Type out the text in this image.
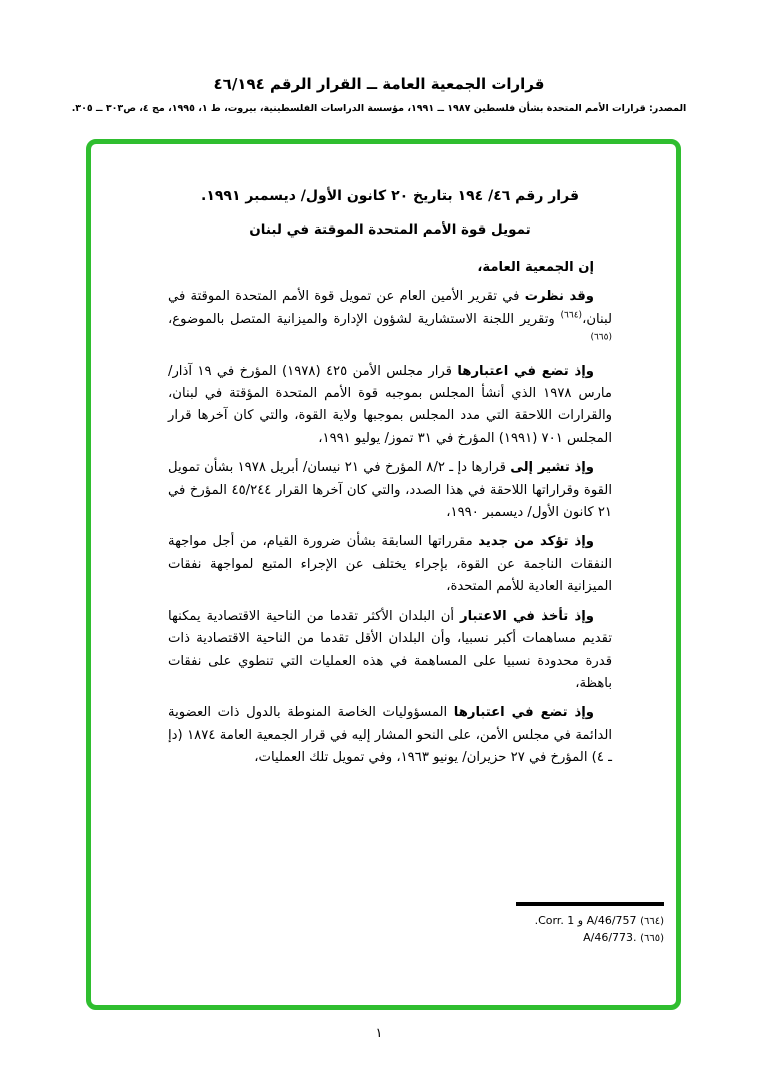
قرارات الجمعية العامة ــ القرار الرقم ٤٦/١٩٤
المصدر: قرارات الأمم المتحدة بشأن فلسطين ١٩٨٧ ــ ١٩٩١، مؤسسة الدراسات الفلسطينية، بيروت، ط ١، ١٩٩٥، مج ٤، ص٣٠٣ ــ ٣٠٥.
قرار رقم ٤٦/ ١٩٤ بتاريخ ٢٠ كانون الأول/ ديسمبر ١٩٩١.
تمويل قوة الأمم المتحدة الموقتة في لبنان
إن الجمعية العامة،
وقد نظرت في تقرير الأمين العام عن تمويل قوة الأمم المتحدة الموقتة في لبنان،$^{(٦٦٤)}$ وتقرير اللجنة الاستشارية لشؤون الإدارة والميزانية المتصل بالموضوع،$^{(٦٦٥)}$
وإذ تضع في اعتبارها قرار مجلس الأمن ٤٢٥ (١٩٧٨) المؤرخ في ١٩ آذار/ مارس ١٩٧٨ الذي أنشأ المجلس بموجبه قوة الأمم المتحدة المؤقتة في لبنان، والقرارات اللاحقة التي مدد المجلس بموجبها ولاية القوة، والتي كان آخرها قرار المجلس ٧٠١ (١٩٩١) المؤرخ في ٣١ تموز/ يوليو ١٩٩١،
وإذ تشير إلى قرارها دإ ـ ٨/٢ المؤرخ في ٢١ نيسان/ أبريل ١٩٧٨ بشأن تمويل القوة وقراراتها اللاحقة في هذا الصدد، والتي كان آخرها القرار ٤٥/٢٤٤ المؤرخ في ٢١ كانون الأول/ ديسمبر ١٩٩٠،
وإذ تؤكد من جديد مقرراتها السابقة بشأن ضرورة القيام، من أجل مواجهة النفقات الناجمة عن القوة، بإجراء يختلف عن الإجراء المتبع لمواجهة نفقات الميزانية العادية للأمم المتحدة،
وإذ تأخذ في الاعتبار أن البلدان الأكثر تقدما من الناحية الاقتصادية يمكنها تقديم مساهمات أكبر نسبيا، وأن البلدان الأقل تقدما من الناحية الاقتصادية ذات قدرة محدودة نسبيا على المساهمة في هذه العمليات التي تنطوي على نفقات باهظة،
وإذ تضع في اعتبارها المسؤوليات الخاصة المنوطة بالدول ذات العضوية الدائمة في مجلس الأمن، على النحو المشار إليه في قرار الجمعية العامة ١٨٧٤ (دإ ـ ٤) المؤرخ في ٢٧ حزيران/ يونيو ١٩٦٣، وفي تمويل تلك العمليات،
(٦٦٤) A/46/757 و Corr. 1.
(٦٦٥) A/46/773.
١
